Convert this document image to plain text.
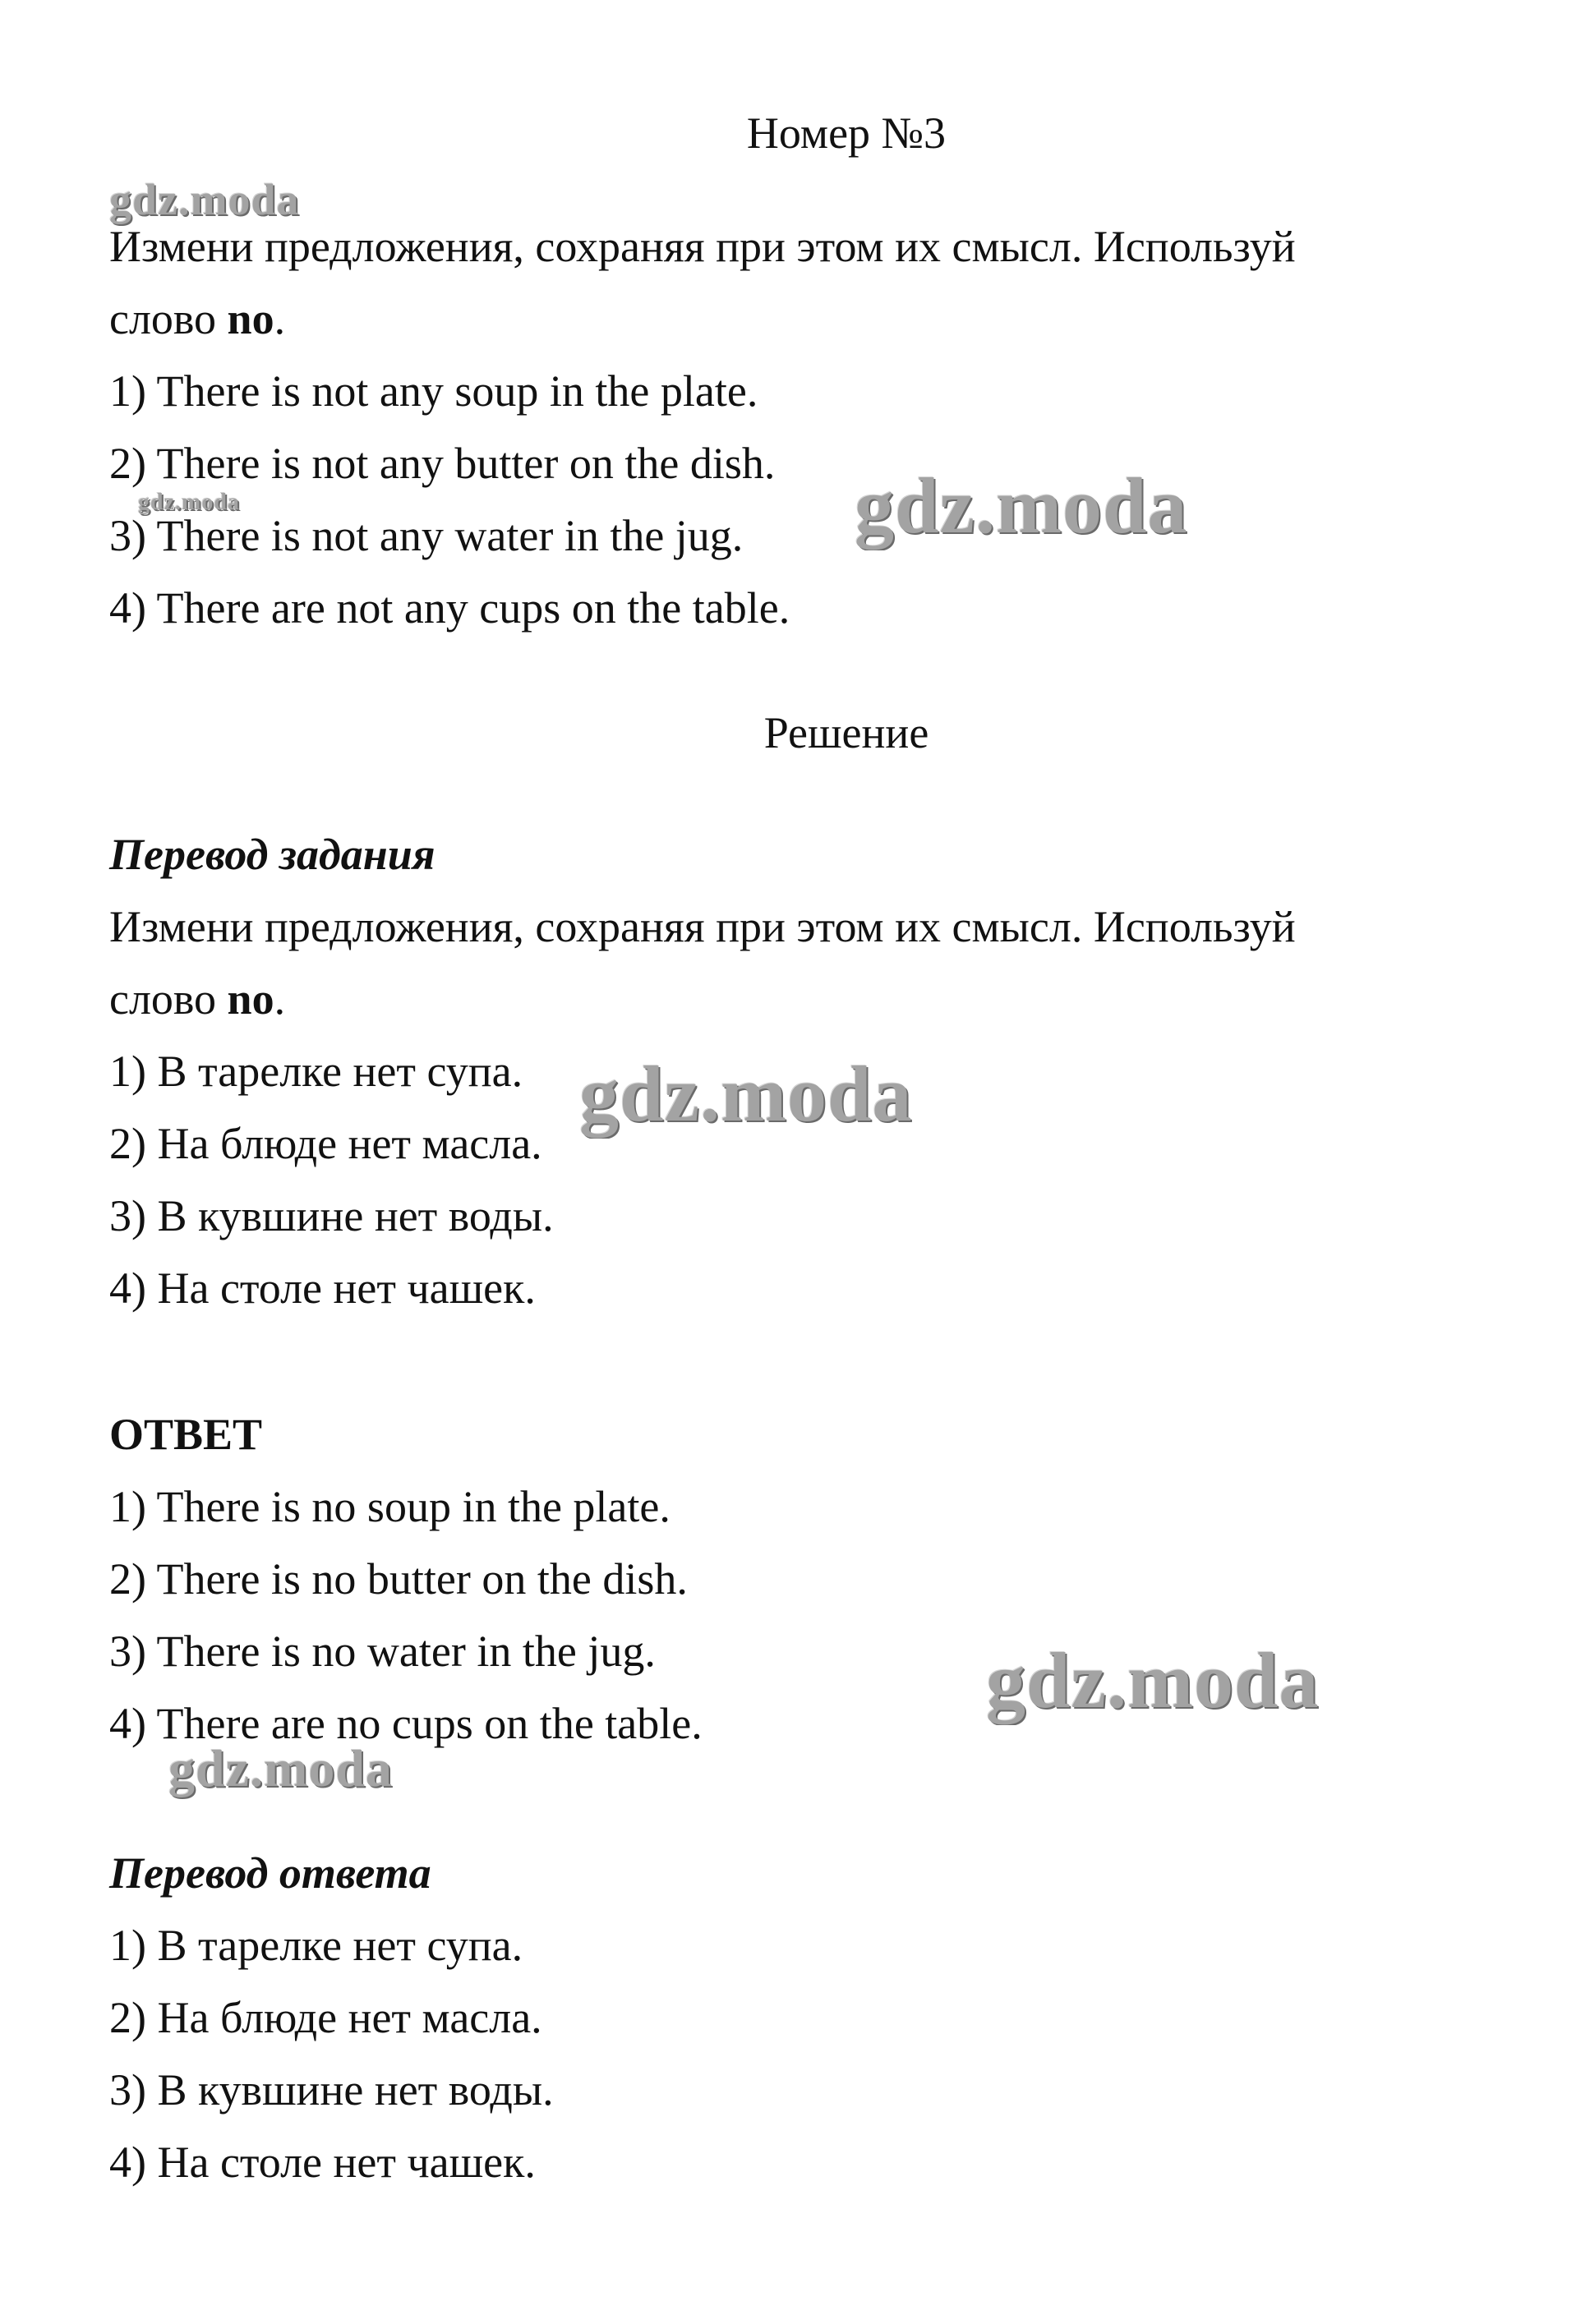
Номер №3
Измени предложения, сохраняя при этом их смысл. Используй
слово no.
1) There is not any soup in the plate.
2) There is not any butter on the dish.
3) There is not any water in the jug.
4) There are not any cups on the table.
Решение
Перевод задания
Измени предложения, сохраняя при этом их смысл. Используй
слово no.
1) В тарелке нет супа.
2) На блюде нет масла.
3) В кувшине нет воды.
4) На столе нет чашек.
ОТВЕТ
1) There is no soup in the plate.
2) There is no butter on the dish.
3) There is no water in the jug.
4) There are no cups on the table.
Перевод ответа
1) В тарелке нет супа.
2) На блюде нет масла.
3) В кувшине нет воды.
4) На столе нет чашек.
gdz.moda
gdz.moda	gdz.moda
gdz.moda
gdz.moda
gdz.moda
